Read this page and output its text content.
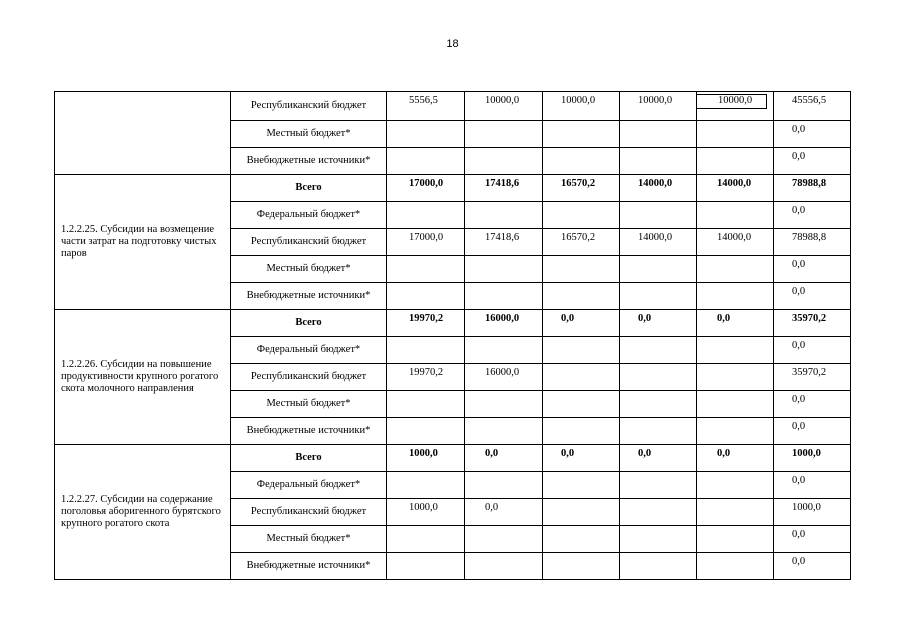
18
	Республиканский бюджет	5556,5	10000,0	10000,0	10000,0	10000,0	45556,5
	Местный бюджет*						0,0
	Внебюджетные источники*						0,0
1.2.2.25. Субсидии на возмещение части затрат на подготовку чистых паров	Всего	17000,0	17418,6	16570,2	14000,0	14000,0	78988,8
	Федеральный бюджет*						0,0
	Республиканский бюджет	17000,0	17418,6	16570,2	14000,0	14000,0	78988,8
	Местный бюджет*						0,0
	Внебюджетные источники*						0,0
1.2.2.26. Субсидии на повышение продуктивности крупного рогатого скота молочного направления	Всего	19970,2	16000,0	0,0	0,0	0,0	35970,2
	Федеральный бюджет*						0,0
	Республиканский бюджет	19970,2	16000,0				35970,2
	Местный бюджет*						0,0
	Внебюджетные источники*						0,0
1.2.2.27. Субсидии на содержание поголовья аборигенного бурятского крупного рогатого скота	Всего	1000,0	0,0	0,0	0,0	0,0	1000,0
	Федеральный бюджет*						0,0
	Республиканский бюджет	1000,0	0,0				1000,0
	Местный бюджет*						0,0
	Внебюджетные источники*						0,0
